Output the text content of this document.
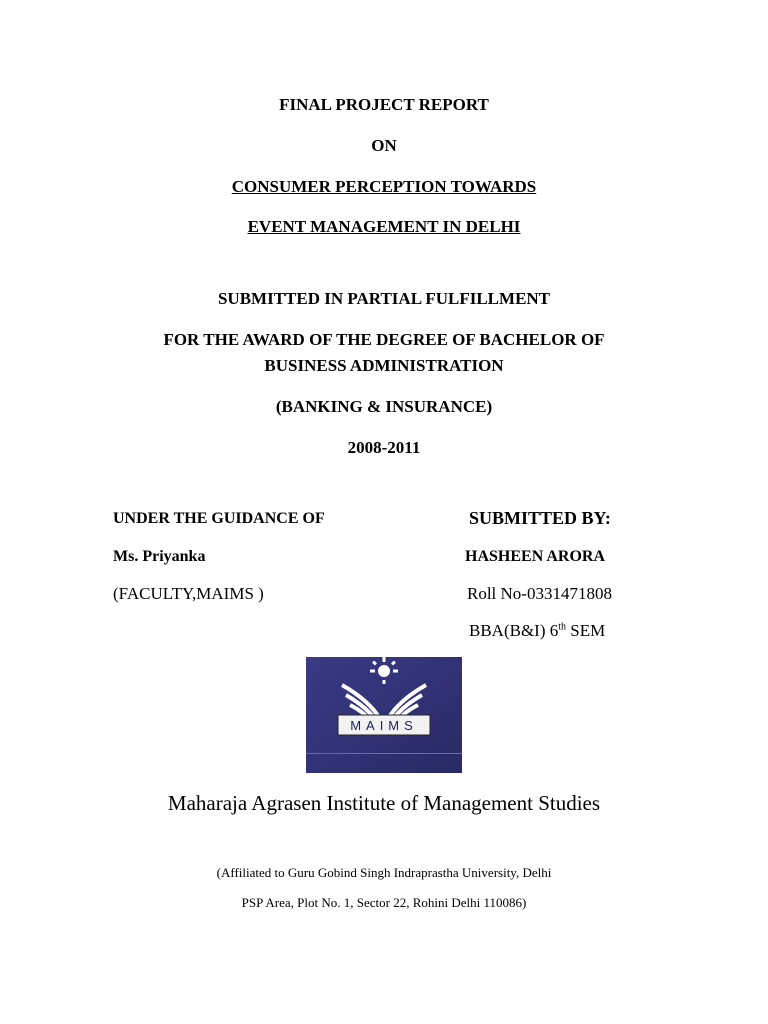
FINAL PROJECT REPORT
ON
CONSUMER PERCEPTION TOWARDS
EVENT MANAGEMENT IN DELHI
SUBMITTED IN PARTIAL FULFILLMENT
FOR THE AWARD OF THE DEGREE OF BACHELOR OF
BUSINESS ADMINISTRATION
(BANKING & INSURANCE)
2008-2011
UNDER THE GUIDANCE OF
Ms. Priyanka
(FACULTY,MAIMS )
SUBMITTED BY:
HASHEEN ARORA
Roll No-0331471808
BBA(B&I) 6th SEM
MAIMS
Maharaja Agrasen Institute of Management Studies
(Affiliated to Guru Gobind Singh Indraprastha University, Delhi
PSP Area, Plot No. 1, Sector 22, Rohini Delhi 110086)
